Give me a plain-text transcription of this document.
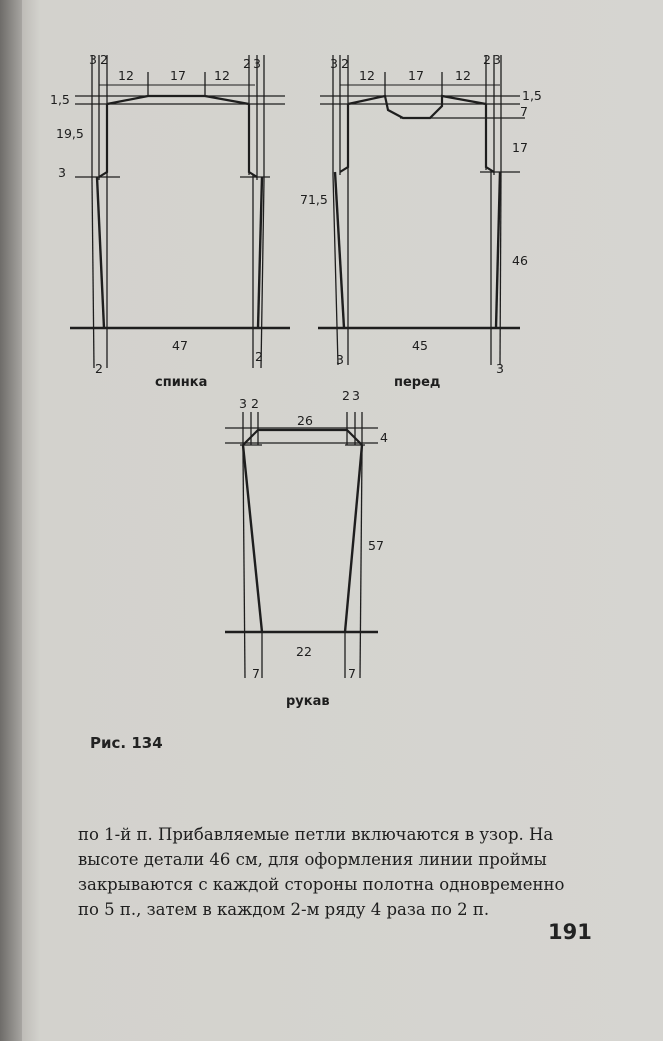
3 2	2 3
12	17 12
1,5
19,5
3
47
2
2
спинка
3 2	2 3
12	17 12
1,5
7
17
71,5
46
45
3
3
перед
3 2
2 3
26
4
57
22
7	7
рукав
Рис. 134

по 1-й п. Прибавляемые петли включаются в узор. На
высоте детали 46 см, для оформления линии проймы
закрываются с каждой стороны полотна одновременно
по 5 п., затем в каждом 2-м ряду 4 раза по 2 п.

191
